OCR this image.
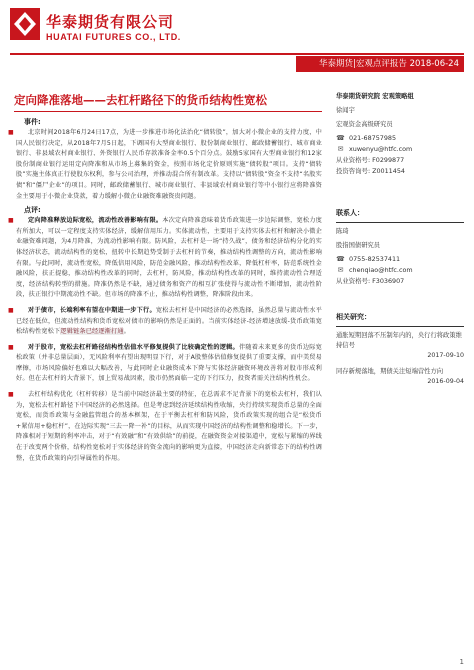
华泰期货有限公司
HUATAI FUTURES CO., LTD.
华泰期货|宏观点评报告 2018-06-24
定向降准落地——去杠杆路径下的货币结构性宽松
事件:
■ 北京时间2018年6月24日17点，为进一步推进市场化法治化“债转股”，加大对小微企业的支持力度，中国人民银行决定，从2018年7月5日起，下调国有大型商业银行、股份制商业银行、邮政储蓄银行、城市商业银行、非县域农村商业银行、外资银行人民币存款准备金率0.5个百分点。鼓励5家国有大型商业银行和12家股份制商业银行运用定向降准和从市场上募集的资金，按照市场化定价原则实施“债转股”项目。支持“债转股”实施主体真正行使股东权利，参与公司治理，并推动混合所有制改革。支持以“债转股”资金不支持“名股实债”和“僵尸企业”的项目。同时，邮政储蓄银行、城市商业银行、非县域农村商业银行等中小银行应将降准资金主要用于小微企业贷款，着力缓解小微企业融资难融资贵问题。
点评:
■ 定向降准释放边际宽松，流动性改善影响有限。本次定向降准意味着货币政策进一步边际调整，宽松力度有所加大，可以一定程度支持实体经济，缓解信用压力。实体流动性，主要用于支持实体去杠杆和解决小微企业融资难问题，为4月降准，为流动性影响有限。防风险，去杠杆是一场“持久战”，债务和经济结构分化的实体经济状态，流动结构性的宽松，扭转中长期趋势受制于去杠杆的节奏，推动结构性调整的方向，流动性影响有限。与此同时，流动性宽松，降低信用风险，防范金融风险，推动结构性改革，降低杠杆率，防范系统性金融风险，扶正提稳，推动结构性改革的同时，去杠杆，防风险，推动结构性改革的同时，维持流动性合理适度，经济结构转型的措施。降准仍然是不缺，通过债务和资产的相互扩张使得与流动性不断增加，流动性阶段，扶正银行中期流动性不缺。但市场的降准不止，推动结构性调整，降准阶段由来。
■ 对于债市，长端利率有望在中期进一步下行。宽松去杠杆是中国经济的必然选择，虽然总量与流动性水平已经在低位，但流动性结构和货币宽松对债市的影响仍然是正面的。当前实体经济-经济增速放缓-货币政策宽松结构性宽松下逻辑链条已经逐渐打通。
■ 对于股市，宽松去杠杆路径结构性估值水平修复提供了比较确定性的逻辑。伴随着未来更多的货币边际宽松政策（并非总量层面），无风险利率有望出现明显下行，对于A股整体估值修复提供了重要支撑，而中美贸易摩擦，市场风险偏好也难以大幅改善，与此同时企业融资成本下降与实体经济融资环境改善将对股市形成利好。但在去杠杆的大背景下，加上贸易战因素，股市仍然面临一定的下行压力，投资者需关注结构性机会。
■ 去杠杆结构优化（杠杆转移）是当前中国经济最主要的特征，在总需求不足背景下的宽松去杠杆，我们认为，宽松去杠杆路径下中国经济的必然选择。但是考虑到经济延续结构性收缩，央行持续实现货币总量的全面宽松，而货币政策与金融监管组合的基本框架，在于平衡去杠杆和防风险，货币政策实现的组合是“松货币+紧信用+稳杠杆”，在边际实现“三去一降一补”的目标，从而实现中国经济的结构性调整和稳增长。下一步，降准相对于短期的利率冲击，对于“有效融”和“有效供给”的前提，在融资资金对接渠道中，宽松与紧缩的界线在于改变两个价格，结构性宽松对于实体经济的资金流向的影响更为直接，中国经济走向新常态下的结构性调整，在货币政策的向引导属性的作用。
华泰期货研究院 宏观策略组
徐闻宇
宏观资金高级研究员
☎ 021-68757985
✉ xuwenyu@htfc.com
从业资格号: F0299877
投资咨询号: Z0011454
联系人：
陈琦
股指国债研究员
☎ 0755-82537411
✉ chenqiao@htfc.com
从业资格号: F3036907
相关研究：
通胀短期回落不压制年内的，央行行将政策维持信号
2017-09-10
同存新规落地，期债关注短端营性方向
2016-09-04
1
